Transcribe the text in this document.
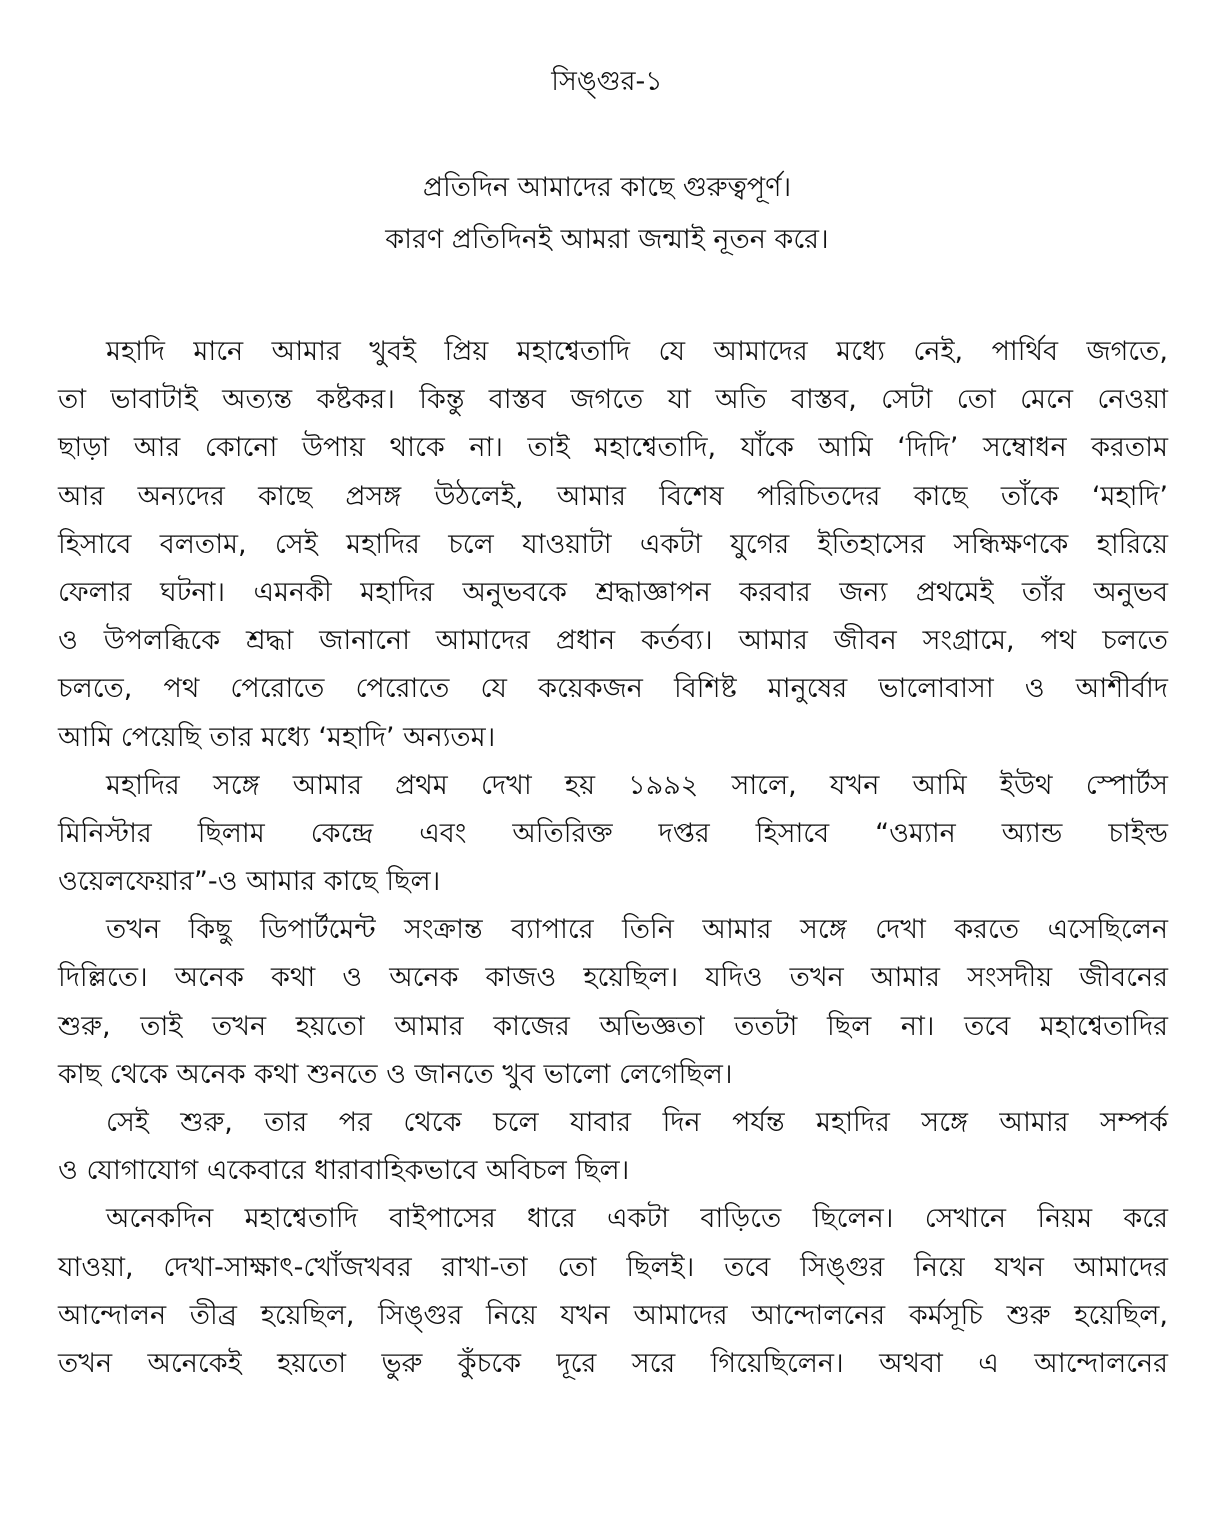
সিঙ্গুর-১
প্রতিদিন আমাদের কাছে গুরুত্বপূর্ণ।
কারণ প্রতিদিনই আমরা জন্মাই নূতন করে।
মহাদি মানে আমার খুবই প্রিয় মহাশ্বেতাদি যে আমাদের মধ্যে নেই, পার্থিব জগতে,
তা ভাবাটাই অত্যন্ত কষ্টকর। কিন্তু বাস্তব জগতে যা অতি বাস্তব, সেটা তো মেনে নেওয়া
ছাড়া আর কোনো উপায় থাকে না। তাই মহাশ্বেতাদি, যাঁকে আমি ‘দিদি’ সম্বোধন করতাম
আর অন্যদের কাছে প্রসঙ্গ উঠলেই, আমার বিশেষ পরিচিতদের কাছে তাঁকে ‘মহাদি’
হিসাবে বলতাম, সেই মহাদির চলে যাওয়াটা একটা যুগের ইতিহাসের সন্ধিক্ষণকে হারিয়ে
ফেলার ঘটনা। এমনকী মহাদির অনুভবকে শ্রদ্ধাজ্ঞাপন করবার জন্য প্রথমেই তাঁর অনুভব
ও উপলব্ধিকে শ্রদ্ধা জানানো আমাদের প্রধান কর্তব্য। আমার জীবন সংগ্রামে, পথ চলতে
চলতে, পথ পেরোতে পেরোতে যে কয়েকজন বিশিষ্ট মানুষের ভালোবাসা ও আশীর্বাদ
আমি পেয়েছি তার মধ্যে ‘মহাদি’ অন্যতম।
মহাদির সঙ্গে আমার প্রথম দেখা হয় ১৯৯২ সালে, যখন আমি ইউথ স্পোর্টস
মিনিস্টার ছিলাম কেন্দ্রে এবং অতিরিক্ত দপ্তর হিসাবে “ওম্যান অ্যান্ড চাইল্ড
ওয়েলফেয়ার”-ও আমার কাছে ছিল।
তখন কিছু ডিপার্টমেন্ট সংক্রান্ত ব্যাপারে তিনি আমার সঙ্গে দেখা করতে এসেছিলেন
দিল্লিতে। অনেক কথা ও অনেক কাজও হয়েছিল। যদিও তখন আমার সংসদীয় জীবনের
শুরু, তাই তখন হয়তো আমার কাজের অভিজ্ঞতা ততটা ছিল না। তবে মহাশ্বেতাদির
কাছ থেকে অনেক কথা শুনতে ও জানতে খুব ভালো লেগেছিল।
সেই শুরু, তার পর থেকে চলে যাবার দিন পর্যন্ত মহাদির সঙ্গে আমার সম্পর্ক
ও যোগাযোগ একেবারে ধারাবাহিকভাবে অবিচল ছিল।
অনেকদিন মহাশ্বেতাদি বাইপাসের ধারে একটা বাড়িতে ছিলেন। সেখানে নিয়ম করে
যাওয়া, দেখা-সাক্ষাৎ-খোঁজখবর রাখা-তা তো ছিলই। তবে সিঙ্গুর নিয়ে যখন আমাদের
আন্দোলন তীব্র হয়েছিল, সিঙ্গুর নিয়ে যখন আমাদের আন্দোলনের কর্মসূচি শুরু হয়েছিল,
তখন অনেকেই হয়তো ভুরু কুঁচকে দূরে সরে গিয়েছিলেন। অথবা এ আন্দোলনের
